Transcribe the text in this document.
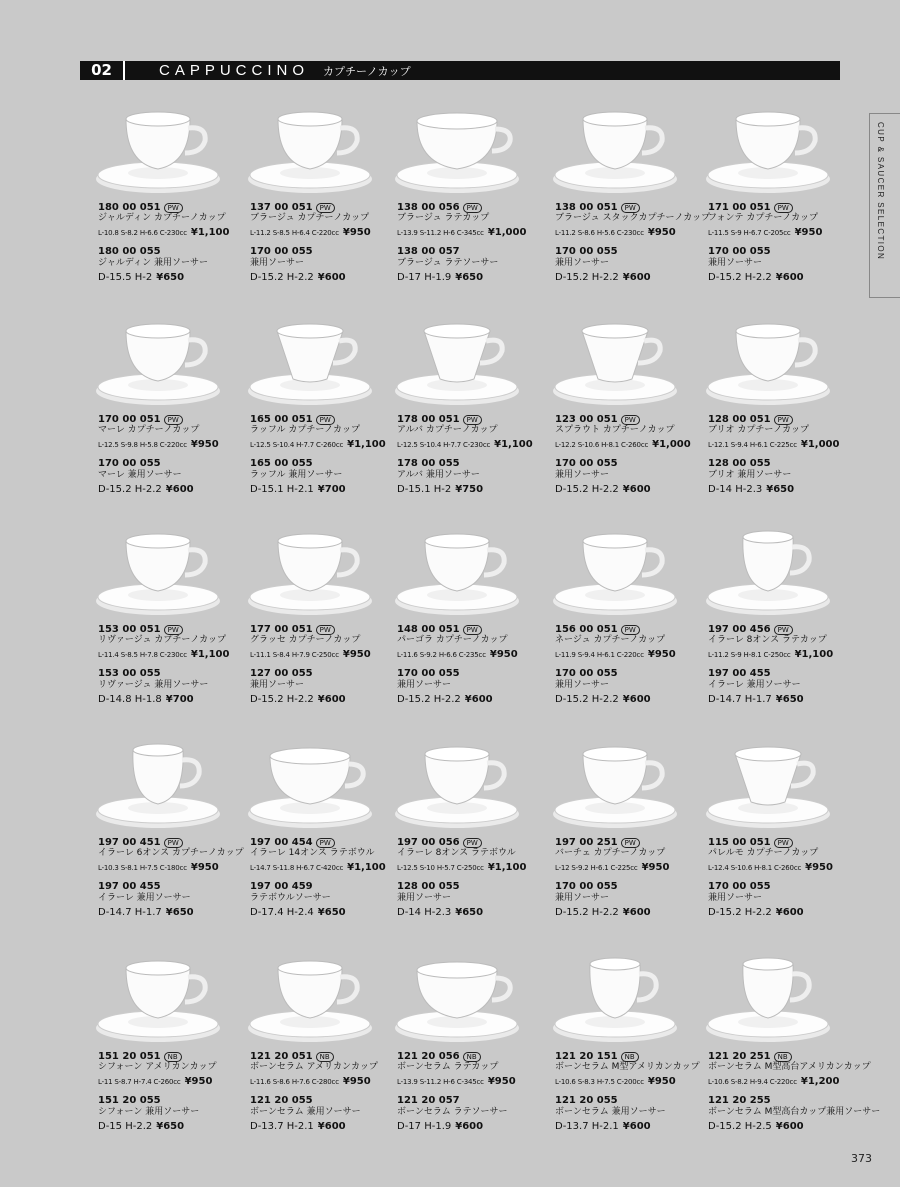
02	CAPPUCCINO カプチーノカップ
CUP & SAUCER SELECTION
180 00 051	PW
ジャルディン カプチーノカップ
L-10.8 S-8.2 H-6.6 C-230cc ¥1,100
180 00 055
ジャルディン 兼用ソーサー
D-15.5 H-2 ¥650
137 00 051	PW
ブラージュ カプチーノカップ
L-11.2 S-8.5 H-6.4 C-220cc ¥950
170 00 055
兼用ソーサー
D-15.2 H-2.2 ¥600
138 00 056	PW
ブラージュ ラテカップ
L-13.9 S-11.2 H-6 C-345cc ¥1,000
138 00 057
ブラージュ ラテソーサー
D-17 H-1.9 ¥650
138 00 051	PW
ブラージュ スタックカプチーノカップ
L-11.2 S-8.6 H-5.6 C-230cc ¥950
170 00 055
兼用ソーサー
D-15.2 H-2.2 ¥600
171 00 051	PW
フォンテ カプチーノカップ
L-11.5 S-9 H-6.7 C-205cc ¥950
170 00 055
兼用ソーサー
D-15.2 H-2.2 ¥600
170 00 051	PW
マーレ カプチーノカップ
L-12.5 S-9.8 H-5.8 C-220cc ¥950
170 00 055
マーレ 兼用ソーサー
D-15.2 H-2.2 ¥600
165 00 051	PW
ラッフル カプチーノカップ
L-12.5 S-10.4 H-7.7 C-260cc ¥1,100
165 00 055
ラッフル 兼用ソーサー
D-15.1 H-2.1 ¥700
178 00 051	PW
アルバ カプチーノカップ
L-12.5 S-10.4 H-7.7 C-230cc ¥1,100
178 00 055
アルバ 兼用ソーサー
D-15.1 H-2 ¥750
123 00 051	PW
スプラウト カプチーノカップ
L-12.2 S-10.6 H-8.1 C-260cc ¥1,000
170 00 055
兼用ソーサー
D-15.2 H-2.2 ¥600
128 00 051	PW
ブリオ カプチーノカップ
L-12.1 S-9.4 H-6.1 C-225cc ¥1,000
128 00 055
ブリオ 兼用ソーサー
D-14 H-2.3 ¥650
153 00 051	PW
リヴァージュ カプチーノカップ
L-11.4 S-8.5 H-7.8 C-230cc ¥1,100
153 00 055
リヴァージュ 兼用ソーサー
D-14.8 H-1.8 ¥700
177 00 051	PW
グラッセ カプチーノカップ
L-11.1 S-8.4 H-7.9 C-250cc ¥950
127 00 055
兼用ソーサー
D-15.2 H-2.2 ¥600
148 00 051	PW
パーゴラ カプチーノカップ
L-11.6 S-9.2 H-6.6 C-235cc ¥950
170 00 055
兼用ソーサー
D-15.2 H-2.2 ¥600
156 00 051	PW
ネージュ カプチーノカップ
L-11.9 S-9.4 H-6.1 C-220cc ¥950
170 00 055
兼用ソーサー
D-15.2 H-2.2 ¥600
197 00 456	PW
イラーレ 8オンス ラテカップ
L-11.2 S-9 H-8.1 C-250cc ¥1,100
197 00 455
イラーレ 兼用ソーサー
D-14.7 H-1.7 ¥650
197 00 451	PW
イラーレ 6オンス カプチーノカップ
L-10.3 S-8.1 H-7.5 C-180cc ¥950
197 00 455
イラーレ 兼用ソーサー
D-14.7 H-1.7 ¥650
197 00 454	PW
イラーレ 14オンス ラテボウル
L-14.7 S-11.8 H-6.7 C-420cc ¥1,100
197 00 459
ラテボウルソーサー
D-17.4 H-2.4 ¥650
197 00 056	PW
イラーレ 8オンス ラテボウル
L-12.5 S-10 H-5.7 C-250cc ¥1,100
128 00 055
兼用ソーサー
D-14 H-2.3 ¥650
197 00 251	PW
バーチェ カプチーノカップ
L-12 S-9.2 H-6.1 C-225cc ¥950
170 00 055
兼用ソーサー
D-15.2 H-2.2 ¥600
115 00 051	PW
パレルモ カプチーノカップ
L-12.4 S-10.6 H-8.1 C-260cc ¥950
170 00 055
兼用ソーサー
D-15.2 H-2.2 ¥600
151 20 051	NB
シフォーン アメリカンカップ
L-11 S-8.7 H-7.4 C-260cc ¥950
151 20 055
シフォーン 兼用ソーサー
D-15 H-2.2 ¥650
121 20 051	NB
ボーンセラム アメリカンカップ
L-11.6 S-8.6 H-7.6 C-280cc ¥950
121 20 055
ボーンセラム 兼用ソーサー
D-13.7 H-2.1 ¥600
121 20 056	NB
ボーンセラム ラテカップ
L-13.9 S-11.2 H-6 C-345cc ¥950
121 20 057
ボーンセラム ラテソーサー
D-17 H-1.9 ¥600
121 20 151	NB
ボーンセラム M型アメリカンカップ
L-10.6 S-8.3 H-7.5 C-200cc ¥950
121 20 055
ボーンセラム 兼用ソーサー
D-13.7 H-2.1 ¥600
121 20 251	NB
ボーンセラム M型高台アメリカンカップ
L-10.6 S-8.2 H-9.4 C-220cc ¥1,200
121 20 255
ボーンセラム M型高台カップ兼用ソーサー
D-15.2 H-2.5 ¥600
373
